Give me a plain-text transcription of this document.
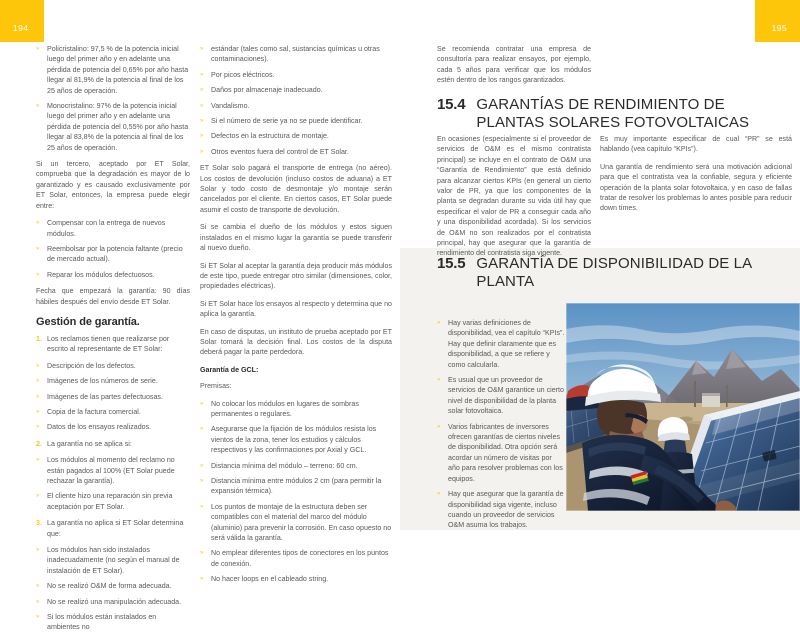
194
» Policristalino: 97,5 % de la potencia inicial luego del primer año y en adelante una pérdida de potencia del 0,65% por año hasta llegar al 81,9% de la potencia al final de los 25 años de operación.
» Monocristalino: 97% de la potencia inicial luego del primer año y en adelante una pérdida de potencia del 0,55% por año hasta llegar al 83,8% de la potencia al final de los 25 años de operación.

Si un tercero, aceptado por ET Solar, comprueba que la degradación es mayor de lo garantizado y es causado exclusivamente por ET Solar, entonces, la empresa puede elegir entre:

» Compensar con la entrega de nuevos módulos.
» Reembolsar por la potencia faltante (precio de mercado actual).
» Reparar los módulos defectuosos.

Fecha que empezará la garantía: 90 días hábiles después del envío desde ET Solar.

Gestión de garantía.
1. Los reclamos tienen que realizarse por escrito al representante de ET Solar:
» Descripción de los defectos.
» Imágenes de los números de serie.
» Imágenes de las partes defectuosas.
» Copia de la factura comercial.
» Datos de los ensayos realizados.
2. La garantía no se aplica si:
» Los módulos al momento del reclamo no están pagados al 100% (ET Solar puede rechazar la garantía).
» El cliente hizo una reparación sin previa aceptación por ET Solar.
3. La garantía no aplica si ET Solar determina que:
» Los módulos han sido instalados inadecuadamente (no según el manual de instalación de ET Solar).
» No se realizó O&M de forma adecuada.
» No se realizó una manipulación adecuada.
» Si los módulos están instalados en ambientes no
» estándar (tales como sal, sustancias químicas u otras contaminaciones).
» Por picos eléctricos.
» Daños por almacenaje inadecuado.
» Vandalismo.
» Si el número de serie ya no se puede identificar.
» Defectos en la estructura de montaje.
» Otros eventos fuera del control de ET Solar.

ET Solar solo pagará el transporte de entrega (no aéreo). Los costos de devolución (incluso costos de aduana) a ET Solar y todo costo de desmontaje y/o montaje serán cancelados por el cliente. En ciertos casos, ET Solar puede asumir el costo de transporte de devolución.

Si se cambia el dueño de los módulos y estos siguen instalados en el mismo lugar la garantía se puede transferir al nuevo dueño.

Si ET Solar al aceptar la garantía deja producir más módulos de este tipo, puede entregar otro similar (dimensiones, color, propiedades eléctricas).

Si ET Solar hace los ensayos al respecto y determina que no aplica la garantía.

En caso de disputas, un instituto de prueba aceptado por ET Solar tomará la decisión final. Los costos de la disputa deberá pagar la parte perdedora.

Garantía de GCL:

Premisas:

» No colocar los módulos en lugares de sombras permanentes o regulares.
» Asegurarse que la fijación de los módulos resista los vientos de la zona, tener los estudios y cálculos respectivos y las confirmaciones por Axial y GCL.
» Distancia mínima del módulo – terreno: 60 cm.
» Distancia mínima entre módulos 2 cm (para permitir la expansión térmica).
» Los puntos de montaje de la estructura deben ser compatibles con el material del marco del módulo (aluminio) para prevenir la corrosión. En caso opuesto no será válida la garantía.
» No emplear diferentes tipos de conectores en los puntos de conexión.
» No hacer loops en el cableado string.
195

Se recomienda contratar una empresa de consultoría para realizar ensayos, por ejemplo, cada 5 años para verificar que los módulos estén dentro de los rangos garantizados.

15.4 GARANTÍAS DE RENDIMIENTO DE PLANTAS SOLARES FOTOVOLTAICAS

En ocasiones (especialmente si el proveedor de servicios de O&M es el mismo contratista principal) se incluye en el contrato de O&M una “Garantía de Rendimiento” que está definido para alcanzar ciertos KPIs (en general un cierto valor de PR, ya que los componentes de la planta se degradan durante su vida útil hay que especificar el valor de PR a conseguir cada año y una disponibilidad acordada). Si los servicios de O&M no son realizados por el contratista principal, hay que asegurar que la garantía de rendimiento del contratista siga vigente.

Es muy importante especificar de cual “PR” se está hablando (vea capítulo “KPIs”).

Una garantía de rendimiento será una motivación adicional para que el contratista vea la confiable, segura y eficiente operación de la planta solar fotovoltaica, y en caso de fallas tratar de resolver los problemas lo antes posible para reducir down times.

15.5 GARANTÍA DE DISPONIBILIDAD DE LA PLANTA
» Hay varias definiciones de disponibilidad, vea el capítulo “KPIs”. Hay que definir claramente que es disponibilidad, a que se refiere y como calcularla.
» Es usual que un proveedor de servicios de O&M garantice un cierto nivel de disponibilidad de la planta solar fotovoltaica.
» Varios fabricantes de inversores ofrecen garantías de ciertos niveles de disponibilidad. Otra opción será acordar un número de visitas por año para resolver problemas con los equipos.
» Hay que asegurar que la garantía de disponibilidad siga vigente, incluso cuando un proveedor de servicios O&M asuma los trabajos.
